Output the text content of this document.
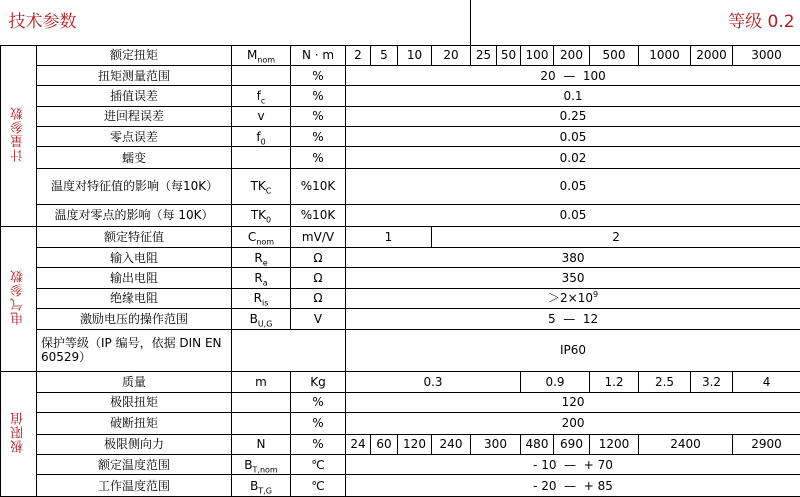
技术参数								等级 0.2								
计量参数	额定扭矩	$M_{nom}$	N · m	2	5	10	20	25	50	100	200	500	1000	2000	3000	
	扭矩测量范围		%	20  —  100												
	插值误差	$f_c$	%	0.1												
	进回程误差	v	%	0.25												
	零点误差	$f_0$	%	0.05												
	蠕变		%	0.02												
	温度对特征值的影响（每10K）	$TK_C$	%10K	0.05												
	温度对零点的影响（每 10K）	$TK_0$	%10K	0.05												
电气参数	额定特征值	$C_{nom}$	mV/V	1			2									
	输入电阻	$R_e$	Ω	380												
	输出电阻	$R_a$	Ω	350												
	绝缘电阻	$R_{is}$	Ω	$>2\times 10^9$
	激励电压的操作范围	$B_{U,G}$	V	5  —  12												
	保护等级（IP 编号，依据 DIN EN 60529）			IP60												
极限值	质量	m	Kg	0.3						0.9		1.2	2.5	3.2	4	
	极限扭矩		%	120												
	破断扭矩		%	200												
	极限侧向力	N	%	24	60	120	240	300		480	690	1200	2400		2900	
	额定温度范围	$B_{T,nom}$	℃	- 10  —  + 70												
	工作温度范围	$B_{T,G}$	℃	- 20  —  + 85												
